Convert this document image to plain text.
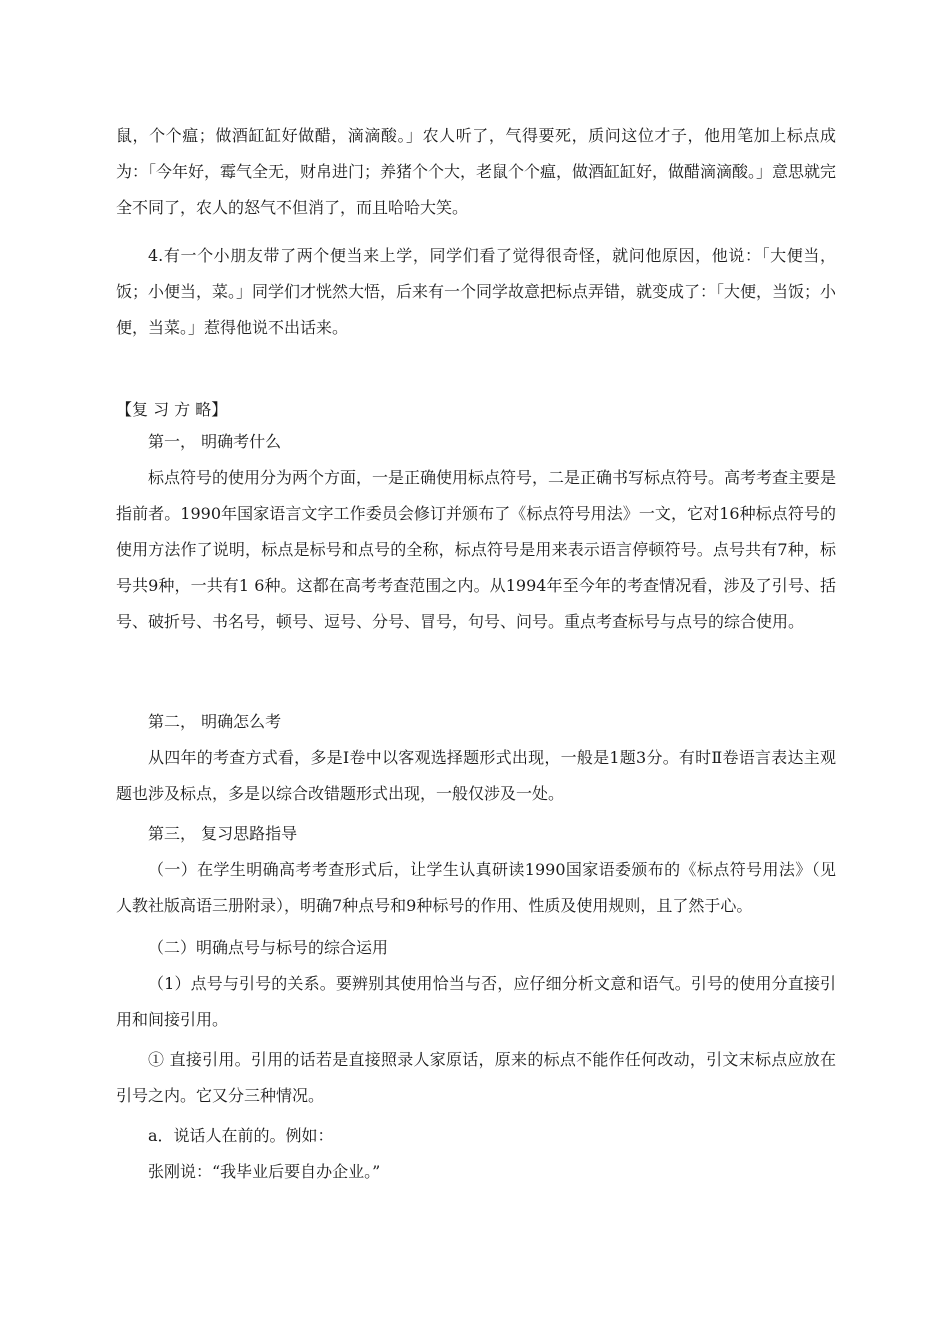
鼠，个个瘟；做酒缸缸好做醋，滴滴酸。」农人听了，气得要死，质问这位才子，他用笔加上标点成为：「今年好，霉气全无，财帛进门；养猪个个大，老鼠个个瘟，做酒缸缸好，做醋滴滴酸。」意思就完全不同了，农人的怒气不但消了，而且哈哈大笑。

4.有一个小朋友带了两个便当来上学，同学们看了觉得很奇怪，就问他原因，他说：「大便当，饭；小便当，菜。」同学们才恍然大悟，后来有一个同学故意把标点弄错，就变成了：「大便，当饭；小便，当菜。」惹得他说不出话来。

【复 习 方 略】

第一， 明确考什么

标点符号的使用分为两个方面，一是正确使用标点符号，二是正确书写标点符号。高考考查主要是指前者。1990年国家语言文字工作委员会修订并颁布了《标点符号用法》一文，它对16种标点符号的使用方法作了说明，标点是标号和点号的全称，标点符号是用来表示语言停顿符号。点号共有7种，标号共9种，一共有1 6种。这都在高考考查范围之内。从1994年至今年的考查情况看，涉及了引号、括号、破折号、书名号，顿号、逗号、分号、冒号，句号、问号。重点考查标号与点号的综合使用。

第二， 明确怎么考

从四年的考查方式看，多是Ⅰ卷中以客观选择题形式出现，一般是1题3分。有时Ⅱ卷语言表达主观题也涉及标点，多是以综合改错题形式出现，一般仅涉及一处。

第三， 复习思路指导

（一）在学生明确高考考查形式后，让学生认真研读1990国家语委颁布的《标点符号用法》（见人教社版高语三册附录），明确7种点号和9种标号的作用、性质及使用规则，且了然于心。

（二）明确点号与标号的综合运用

（1）点号与引号的关系。要辨别其使用恰当与否，应仔细分析文意和语气。引号的使用分直接引用和间接引用。

① 直接引用。引用的话若是直接照录人家原话，原来的标点不能作任何改动，引文末标点应放在引号之内。它又分三种情况。

a．说话人在前的。例如：

张刚说：“我毕业后要自办企业。”
